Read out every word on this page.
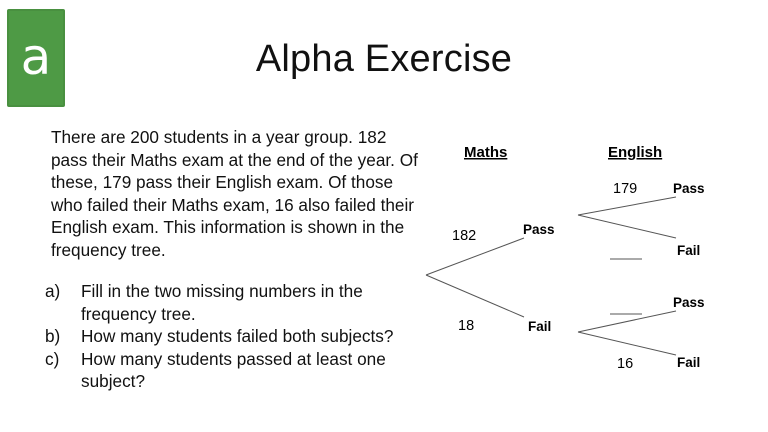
a	Alpha Exercise
There are 200 students in a year group. 182 pass their Maths exam at the end of the year. Of these, 179 pass their English exam. Of those who failed their Maths exam, 16 also failed their English exam. This information is shown in the frequency tree.
a)	Fill in the two missing numbers in the frequency tree.
b)	How many students failed both subjects?
c)	How many students passed at least one subject?
Maths	English
182	Pass
18	Fail
179	Pass
Fail
Pass
16	Fail
